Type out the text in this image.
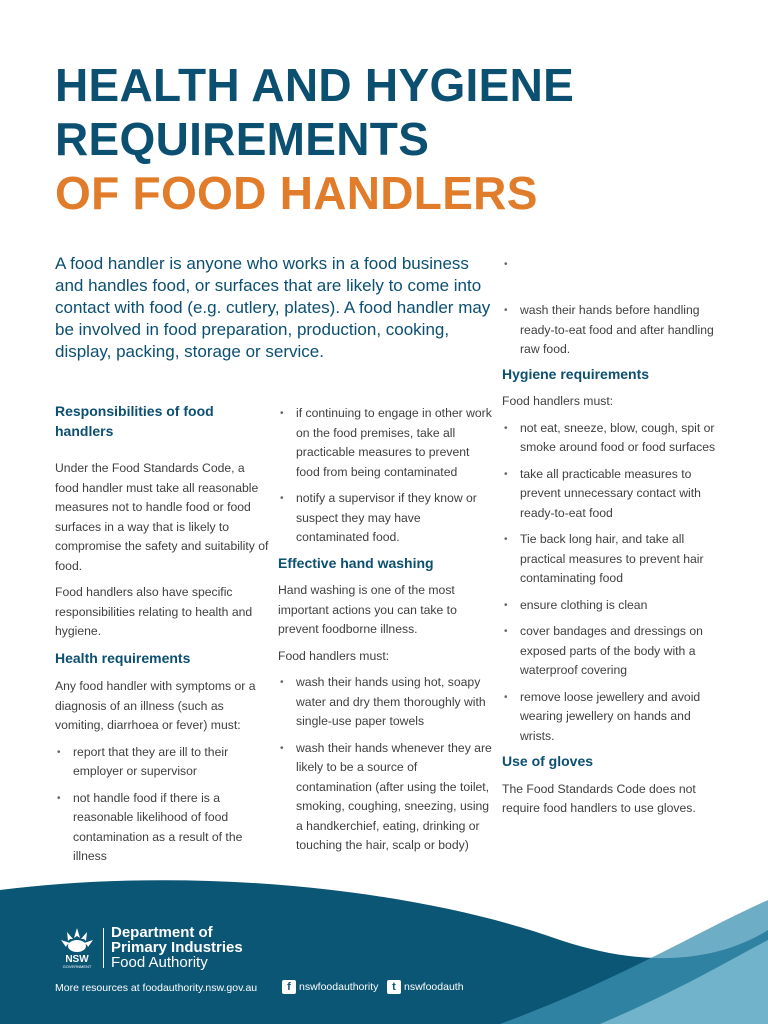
HEALTH AND HYGIENE
REQUIREMENTS
OF FOOD HANDLERS

A food handler is anyone who works in a food business and handles food, or surfaces that are likely to come into contact with food (e.g. cutlery, plates). A food handler may be involved in food preparation, production, cooking, display, packing, storage or service.

Responsibilities of food handlers

Under the Food Standards Code, a food handler must take all reasonable measures not to handle food or food surfaces in a way that is likely to compromise the safety and suitability of food.

Food handlers also have specific responsibilities relating to health and hygiene.

Health requirements

Any food handler with symptoms or a diagnosis of an illness (such as vomiting, diarrhoea or fever) must:

• report that they are ill to their employer or supervisor
• not handle food if there is a reasonable likelihood of food contamination as a result of the illness
• if continuing to engage in other work on the food premises, take all practicable measures to prevent food from being contaminated
• notify a supervisor if they know or suspect they may have contaminated food.
Effective hand washing

Hand washing is one of the most important actions you can take to prevent foodborne illness.

Food handlers must:

• wash their hands using hot, soapy water and dry them thoroughly with single-use paper towels
• wash their hands whenever they are likely to be a source of contamination (after using the toilet, smoking, coughing, sneezing, using a handkerchief, eating, drinking or touching the hair, scalp or body)
•
• wash their hands before handling ready-to-eat food and after handling raw food.
Hygiene requirements

Food handlers must:

• not eat, sneeze, blow, cough, spit or smoke around food or food surfaces
• take all practicable measures to prevent unnecessary contact with ready-to-eat food
• Tie back long hair, and take all practical measures to prevent hair contaminating food
• ensure clothing is clean
• cover bandages and dressings on exposed parts of the body with a waterproof covering
• remove loose jewellery and avoid wearing jewellery on hands and wrists.
Use of gloves

The Food Standards Code does not require food handlers to use gloves.

NSW
GOVERNMENT
Department of
Primary Industries
Food Authority
More resources at foodauthority.nsw.gov.au	f nswfoodauthority	t nswfoodauth
